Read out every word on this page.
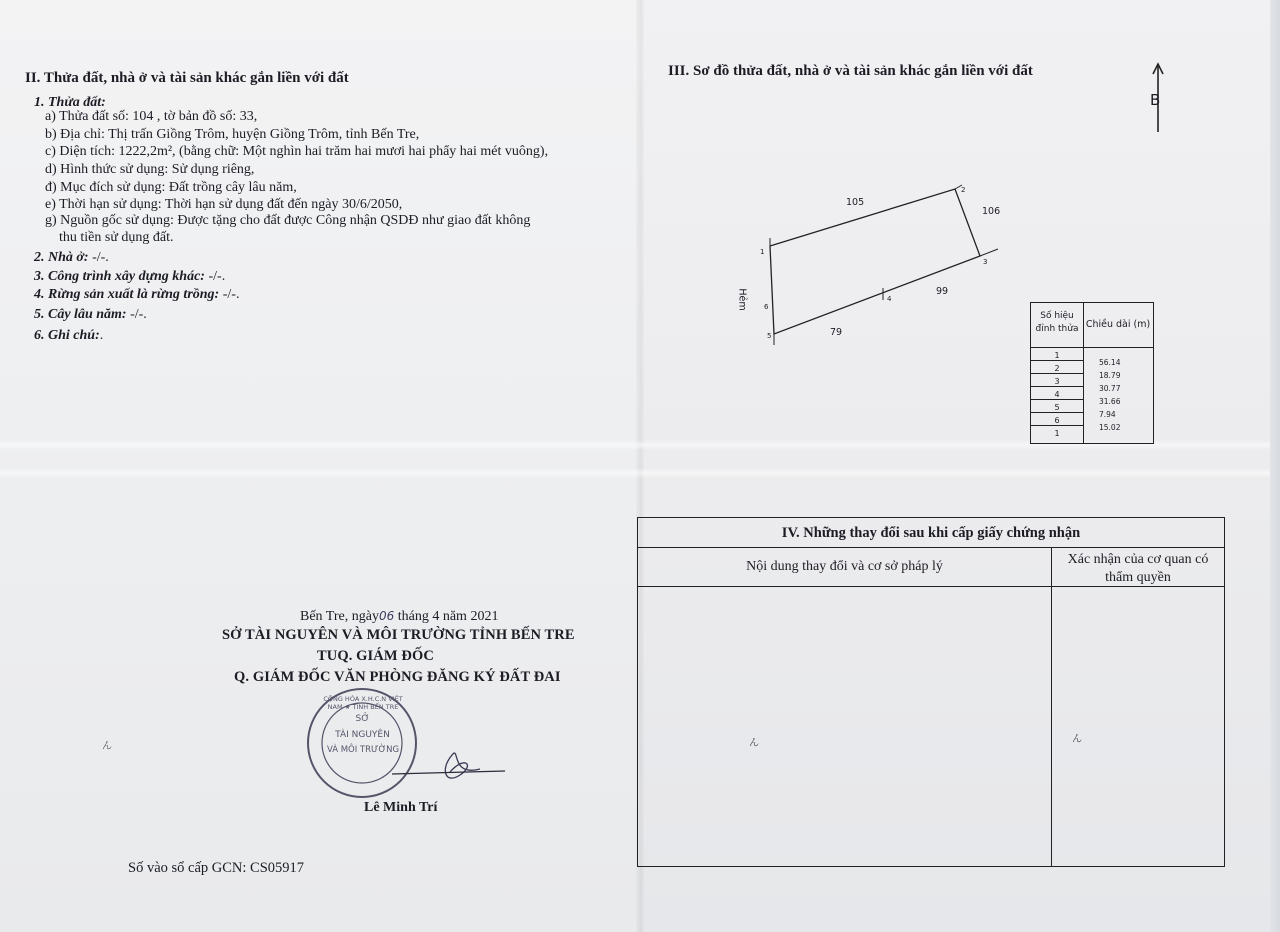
II. Thửa đất, nhà ở và tài sản khác gắn liền với đất
1. Thửa đất:
a) Thửa đất số: 104 , tờ bản đồ số: 33,
b) Địa chỉ: Thị trấn Giồng Trôm, huyện Giồng Trôm, tỉnh Bến Tre,
c) Diện tích: 1222,2m², (bằng chữ: Một nghìn hai trăm hai mươi hai phẩy hai mét vuông),
d) Hình thức sử dụng: Sử dụng riêng,
đ) Mục đích sử dụng: Đất trồng cây lâu năm,
e) Thời hạn sử dụng: Thời hạn sử dụng đất đến ngày 30/6/2050,
g) Nguồn gốc sử dụng: Được tặng cho đất được Công nhận QSDĐ như giao đất không
thu tiền sử dụng đất.
2. Nhà ở: -/-.
3. Công trình xây dựng khác: -/-.
4. Rừng sản xuất là rừng trồng: -/-.
5. Cây lâu năm: -/-.
6. Ghi chú:.
Bến Tre, ngày06 tháng 4 năm 2021
SỞ TÀI NGUYÊN VÀ MÔI TRƯỜNG TỈNH BẾN TRE
TUQ. GIÁM ĐỐC
Q. GIÁM ĐỐC VĂN PHÒNG ĐĂNG KÝ ĐẤT ĐAI
CỘNG HÒA X.H.C.N VIỆT NAM ★ TỈNH BẾN TRE
SỞ
TÀI NGUYÊN
VÀ MÔI TRƯỜNG
Lê Minh Trí
ん
Số vào sổ cấp GCN: CS05917
III. Sơ đồ thửa đất, nhà ở và tài sản khác gắn liền với đất
B
105
106
99
79
Hẻm
1
2
3
4
5
6
Số hiệu đỉnh thửa Chiều dài (m)
1
2
3
4
5
6
1
56.14
18.79
30.77
31.66
7.94
15.02
IV. Những thay đổi sau khi cấp giấy chứng nhận
Nội dung thay đổi và cơ sở pháp lý	Xác nhận của cơ quan có thẩm quyền
ん	ん
